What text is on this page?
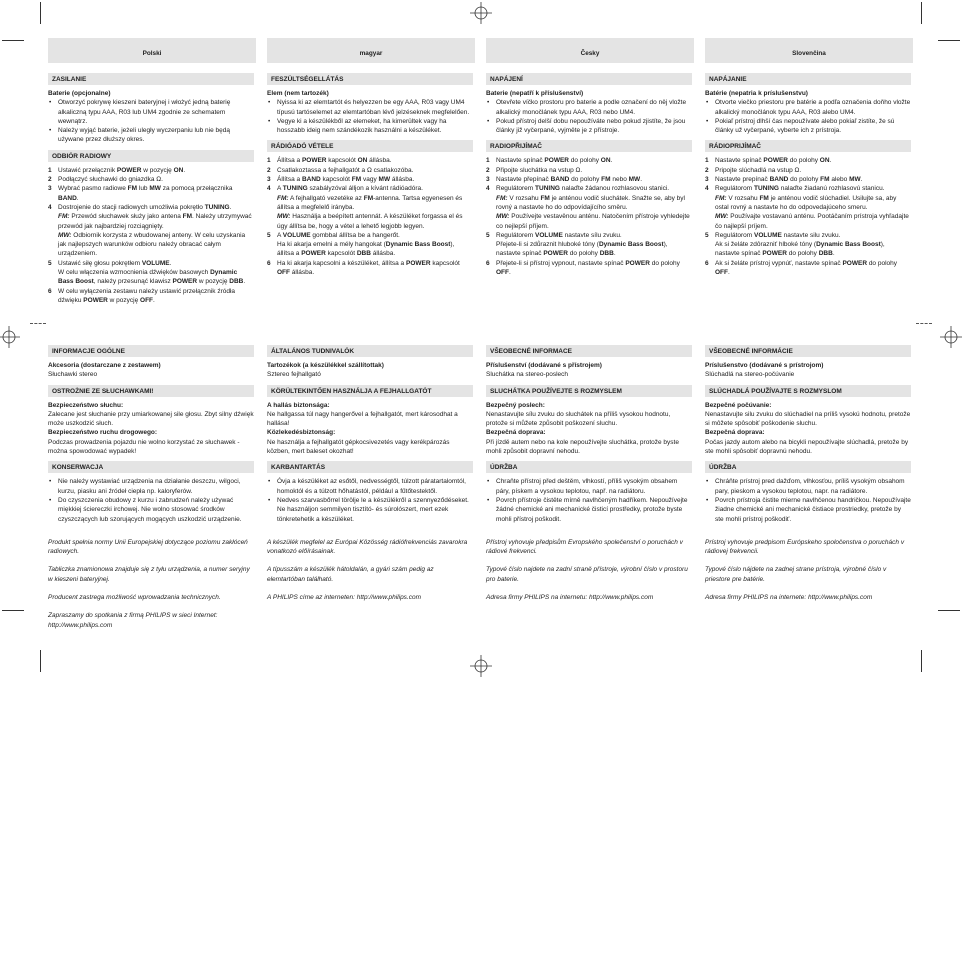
Polski	magyar	Česky	Slovenčina
ZASILANIE

Baterie (opcjonalne)

• Otworzyć pokrywę kieszeni bateryjnej i włożyć jedną baterię alkaliczną typu AAA, R03 lub UM4 zgodnie ze schematem wewnątrz.

• Należy wyjąć baterie, jeżeli uległy wyczerpaniu lub nie będą używane przez dłuższy okres.

ODBIÓR RADIOWY

1 Ustawić przełącznik POWER w pozycję ON.

2 Podłączyć słuchawki do gniazdka Ω.

3 Wybrać pasmo radiowe FM lub MW za pomocą przełącznika BAND.

4 Dostrojenie do stacji radiowych umożliwia pokrętło TUNING.

FM: Przewód słuchawek służy jako antena FM. Należy utrzymywać przewód jak najbardziej rozciągnięty.

MW: Odbiornik korzysta z wbudowanej anteny. W celu uzyskania jak najlepszych warunków odbioru należy obracać całym urządzeniem.

5 Ustawić siłę głosu pokrętłem VOLUME.

W celu włączenia wzmocnienia dźwięków basowych Dynamic Bass Boost, należy przesunąć klawisz POWER w pozycję DBB.

6 W celu wyłączenia zestawu należy ustawić przełącznik źródła dźwięku POWER w pozycję OFF.

FESZÜLTSÉGELLÁTÁS

Elem (nem tartozék)

• Nyissa ki az elemtartót és helyezzen be egy AAA, R03 vagy UM4 típusú tartóselemet az elemtartóban lévő jelzéseknek megfelelően.

• Vegye ki a készülékből az elemeket, ha kimerültek vagy ha hosszabb ideig nem szándékozik használni a készüléket.

RÁDIÓADÓ VÉTELE

1 Állítsa a POWER kapcsolót ON állásba.

2 Csatlakoztassa a fejhallgatót a Ω csatlakozóba.

3 Állítsa a BAND kapcsolót FM vagy MW állásba.

4 A TUNING szabályzóval álljon a kívánt rádióadóra.

FM: A fejhallgató vezetéke az FM-antenna. Tartsa egyenesen és állítsa a megfelelő irányba.

MW: Használja a beépített antennát. A készüléket forgassa el és úgy állítsa be, hogy a vétel a lehető legjobb legyen.

5 A VOLUME gombbal állítsa be a hangerőt.

Ha ki akarja emelni a mély hangokat (Dynamic Bass Boost), állítsa a POWER kapcsolót DBB állásba.

6 Ha ki akarja kapcsolni a készüléket, állítsa a POWER kapcsolót OFF állásba.

NAPÁJENÍ

Baterie (nepatří k příslušenství)

• Otevřete víčko prostoru pro baterie a podle označení do něj vložte alkalický monočlánek typu AAA, R03 nebo UM4.

• Pokud přístroj delší dobu nepoužíváte nebo pokud zjistíte, že jsou články již vyčerpané, vyjměte je z přístroje.

RADIOPŘIJÍMAČ

1 Nastavte spínač POWER do polohy ON.

2 Připojte sluchátka na vstup Ω.

3 Nastavte přepínač BAND do polohy FM nebo MW.

4 Regulátorem TUNING nalaďte žádanou rozhlasovou stanici.

FM: V rozsahu FM je anténou vodič sluchátek. Snažte se, aby byl rovný a nastavte ho do odpovídajícího směru.

MW: Používejte vestavěnou anténu. Natočením přístroje vyhledejte co nejlepší příjem.

5 Regulátorem VOLUME nastavte sílu zvuku.

Přejete-li si zdůraznit hluboké tóny (Dynamic Bass Boost), nastavte spínač POWER do polohy DBB.

6 Přejete-li si přístroj vypnout, nastavte spínač POWER do polohy OFF.

NAPÁJANIE

Batérie (nepatria k príslušenstvu)

• Otvorte viečko priestoru pre batérie a podľa označenia doňho vložte alkalický monočlánok typu AAA, R03 alebo UM4.

• Pokiaľ prístroj dlhší čas nepoužívate alebo pokiaľ zistíte, že sú články už vyčerpané, vyberte ich z prístroja.

RÁDIOPRIJÍMAČ

1 Nastavte spínač POWER do polohy ON.

2 Pripojte slúchadlá na vstup Ω.

3 Nastavte prepínač BAND do polohy FM alebo MW.

4 Regulátorom TUNING nalaďte žiadanú rozhlasovú stanicu.

FM: V rozsahu FM je anténou vodič slúchadiel. Usilujte sa, aby ostal rovný a nastavte ho do odpovedajúceho smeru.

MW: Používajte vostavanú anténu. Pootáčaním prístroja vyhľadajte čo najlepší príjem.

5 Regulátorom VOLUME nastavte silu zvuku.

Ak si želáte zdôrazniť hlboké tóny (Dynamic Bass Boost), nastavte spínač POWER do polohy DBB.

6 Ak si želáte prístroj vypnúť, nastavte spínač POWER do polohy OFF.

INFORMACJE OGÓLNE

Akcesoria (dostarczane z zestawem)

Słuchawki stereo

OSTROŻNIE ZE SŁUCHAWKAMI!

Bezpieczeństwo słuchu:

Zalecane jest słuchanie przy umiarkowanej sile głosu. Zbyt silny dźwięk może uszkodzić słuch.

Bezpieczeństwo ruchu drogowego:

Podczas prowadzenia pojazdu nie wolno korzystać ze słuchawek - można spowodować wypadek!

KONSERWACJA

• Nie należy wystawiać urządzenia na działanie deszczu, wilgoci, kurzu, piasku ani źródeł ciepła np. kaloryferów.

• Do czyszczenia obudowy z kurzu i zabrudzeń należy używać miękkiej ściereczki irchowej. Nie wolno stosować środków czyszczących lub szorujących mogących uszkodzić urządzenie.

Produkt spełnia normy Unii Europejskiej dotyczące poziomu zakłóceń radiowych.

Tabliczka znamionowa znajduje się z tyłu urządzenia, a numer seryjny w kieszeni bateryjnej.

Producent zastrega możliwość wprowadzania technicznych.

Zapraszamy do spotkania z firmą PHILIPS w sieci Internet: http://www.philips.com

ÁLTALÁNOS TUDNIVALÓK

Tartozékok (a készülékkel szállítottak)

Sztereo fejhallgató

KÖRÜLTEKINTŐEN HASZNÁLJA A FEJHALLGATÓT

A hallás biztonsága:

Ne hallgassa túl nagy hangerővel a fejhallgatót, mert károsodhat a hallása!

Közlekedésbiztonság:

Ne használja a fejhallgatót gépkocsivezetés vagy kerékpározás közben, mert baleset okozhat!

KARBANTARTÁS

• Óvja a készüléket az esőtől, nedvességtől, túlzott páratartalomtól, homoktól és a túlzott hőhatástól, például a fűtőtestektől.

• Nedves szarvasbőrrel törölje le a készülékről a szennyeződéseket. Ne használjon semmilyen tisztító- és súrolószert, mert ezek tönkretehetik a készüléket.

A készülék megfelel az Európai Közösség rádiófrekvenciás zavarokra vonatkozó előírásainak.

A típusszám a készülék hátoldalán, a gyári szám pedig az elemtartóban található.

A PHILIPS címe az interneten: http://www.philips.com

VŠEOBECNÉ INFORMACE

Příslušenství (dodávané s přístrojem)

Sluchátka na stereo-poslech

SLUCHÁTKA POUŽÍVEJTE S ROZMYSLEM

Bezpečný poslech:

Nenastavujte sílu zvuku do sluchátek na příliš vysokou hodnotu, protože si můžete způsobit poškození sluchu.

Bezpečná doprava:

Při jízdě autem nebo na kole nepoužívejte sluchátka, protože byste mohli způsobit dopravní nehodu.

ÚDRŽBA

• Chraňte přístroj před deštěm, vlhkostí, příliš vysokým obsahem páry, pískem a vysokou teplotou, např. na radiátoru.

• Povrch přístroje čistěte mírně navlhčeným hadříkem. Nepoužívejte žádné chemické ani mechanické čisticí prostředky, protože byste mohli přístroj poškodit.

Přístroj vyhovuje předpisům Evropského společenství o poruchách v rádiové frekvenci.

Typové číslo najdete na zadní straně přístroje, výrobní číslo v prostoru pro baterie.

Adresa firmy PHILIPS na internetu: http://www.philips.com

VŠEOBECNÉ INFORMÁCIE

Príslušenstvo (dodávané s prístrojom)

Slúchadlá na stereo-počúvanie

SLÚCHADLÁ POUŽÍVAJTE S ROZMYSLOM

Bezpečné počúvanie:

Nenastavujte silu zvuku do slúchadiel na príliš vysokú hodnotu, pretože si môžete spôsobiť poškodenie sluchu.

Bezpečná doprava:

Počas jazdy autom alebo na bicykli nepoužívajte slúchadlá, pretože by ste mohli spôsobiť dopravnú nehodu.

ÚDRŽBA

• Chráňte prístroj pred dažďom, vlhkosťou, príliš vysokým obsahom pary, pieskom a vysokou teplotou, napr. na radiátore.

• Povrch prístroja čistite mierne navlhčenou handričkou. Nepoužívajte žiadne chemické ani mechanické čistiace prostriedky, pretože by ste mohli prístroj poškodiť.

Prístroj vyhovuje predpisom Európskeho spoločenstva o poruchách v rádiovej frekvencii.

Typové číslo nájdete na zadnej strane prístroja, výrobné číslo v priestore pre batérie.

Adresa firmy PHILIPS na internete: http://www.philips.com
